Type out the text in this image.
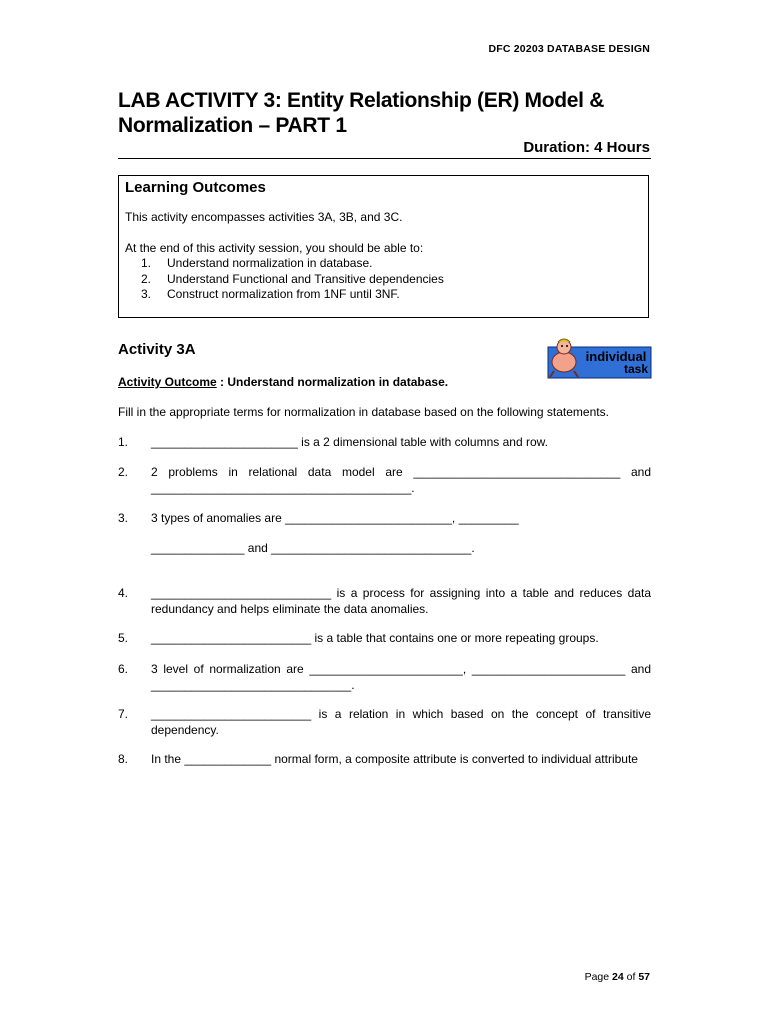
DFC 20203 DATABASE DESIGN
LAB ACTIVITY 3: Entity Relationship (ER) Model &
Normalization – PART 1
Duration: 4 Hours
Learning Outcomes
This activity encompasses activities 3A, 3B, and 3C.
At the end of this activity session, you should be able to:
1.	Understand normalization in database.
2.	Understand Functional and Transitive dependencies
3.	Construct normalization from 1NF until 3NF.
Activity 3A	individual
task
Activity Outcome : Understand normalization in database.
Fill in the appropriate terms for normalization in database based on the following statements.
1. ______________________ is a 2 dimensional table with columns and row.
2. 2 problems in relational data model are _______________________________ and _______________________________________.
3. 3 types of anomalies are _________________________, _________
______________ and ______________________________.
4. ___________________________ is a process for assigning into a table and reduces data redundancy and helps eliminate the data anomalies.
5. ________________________ is a table that contains one or more repeating groups.
6. 3 level of normalization are _______________________, _______________________ and ______________________________.
7. ________________________ is a relation in which based on the concept of transitive dependency.
8. In the _____________ normal form, a composite attribute is converted to individual attribute
Page 24 of 57
